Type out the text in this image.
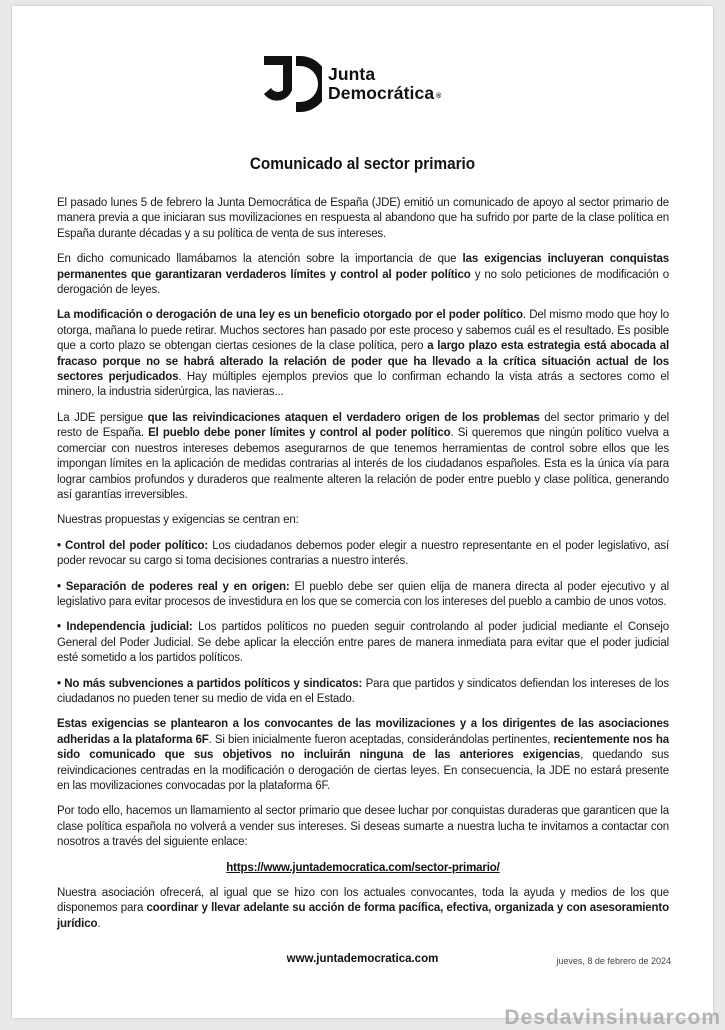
Junta
Democrática ®
Comunicado al sector primario

El pasado lunes 5 de febrero la Junta Democrática de España (JDE) emitió un comunicado de apoyo al sector primario de manera previa a que iniciaran sus movilizaciones en respuesta al abandono que ha sufrido por parte de la clase política en España durante décadas y a su política de venta de sus intereses.

En dicho comunicado llamábamos la atención sobre la importancia de que las exigencias incluyeran conquistas permanentes que garantizaran verdaderos límites y control al poder político y no solo peticiones de modificación o derogación de leyes.

La modificación o derogación de una ley es un beneficio otorgado por el poder político. Del mismo modo que hoy lo otorga, mañana lo puede retirar. Muchos sectores han pasado por este proceso y sabemos cuál es el resultado. Es posible que a corto plazo se obtengan ciertas cesiones de la clase política, pero a largo plazo esta estrategia está abocada al fracaso porque no se habrá alterado la relación de poder que ha llevado a la crítica situación actual de los sectores perjudicados. Hay múltiples ejemplos previos que lo confirman echando la vista atrás a sectores como el minero, la industria siderúrgica, las navieras...

La JDE persigue que las reivindicaciones ataquen el verdadero origen de los problemas del sector primario y del resto de España. El pueblo debe poner límites y control al poder político. Si queremos que ningún político vuelva a comerciar con nuestros intereses debemos asegurarnos de que tenemos herramientas de control sobre ellos que les impongan límites en la aplicación de medidas contrarias al interés de los ciudadanos españoles. Esta es la única vía para lograr cambios profundos y duraderos que realmente alteren la relación de poder entre pueblo y clase política, generando así garantías irreversibles.

Nuestras propuestas y exigencias se centran en:

• Control del poder político: Los ciudadanos debemos poder elegir a nuestro representante en el poder legislativo, así poder revocar su cargo si toma decisiones contrarias a nuestro interés.

• Separación de poderes real y en origen: El pueblo debe ser quien elija de manera directa al poder ejecutivo y al legislativo para evitar procesos de investidura en los que se comercia con los intereses del pueblo a cambio de unos votos.

• Independencia judicial: Los partidos políticos no pueden seguir controlando al poder judicial mediante el Consejo General del Poder Judicial. Se debe aplicar la elección entre pares de manera inmediata para evitar que el poder judicial esté sometido a los partidos políticos.

• No más subvenciones a partidos políticos y sindicatos: Para que partidos y sindicatos defiendan los intereses de los ciudadanos no pueden tener su medio de vida en el Estado.

Estas exigencias se plantearon a los convocantes de las movilizaciones y a los dirigentes de las asociaciones adheridas a la plataforma 6F. Si bien inicialmente fueron aceptadas, considerándolas pertinentes, recientemente nos ha sido comunicado que sus objetivos no incluirán ninguna de las anteriores exigencias, quedando sus reivindicaciones centradas en la modificación o derogación de ciertas leyes. En consecuencia, la JDE no estará presente en las movilizaciones convocadas por la plataforma 6F.

Por todo ello, hacemos un llamamiento al sector primario que desee luchar por conquistas duraderas que garanticen que la clase política española no volverá a vender sus intereses. Si deseas sumarte a nuestra lucha te invitamos a contactar con nosotros a través del siguiente enlace:

https://www.juntademocratica.com/sector-primario/

Nuestra asociación ofrecerá, al igual que se hizo con los actuales convocantes, toda la ayuda y medios de los que disponemos para coordinar y llevar adelante su acción de forma pacífica, efectiva, organizada y con asesoramiento jurídico.

www.juntademocratica.com	jueves, 8 de febrero de 2024
Desdavinsinuarcom
